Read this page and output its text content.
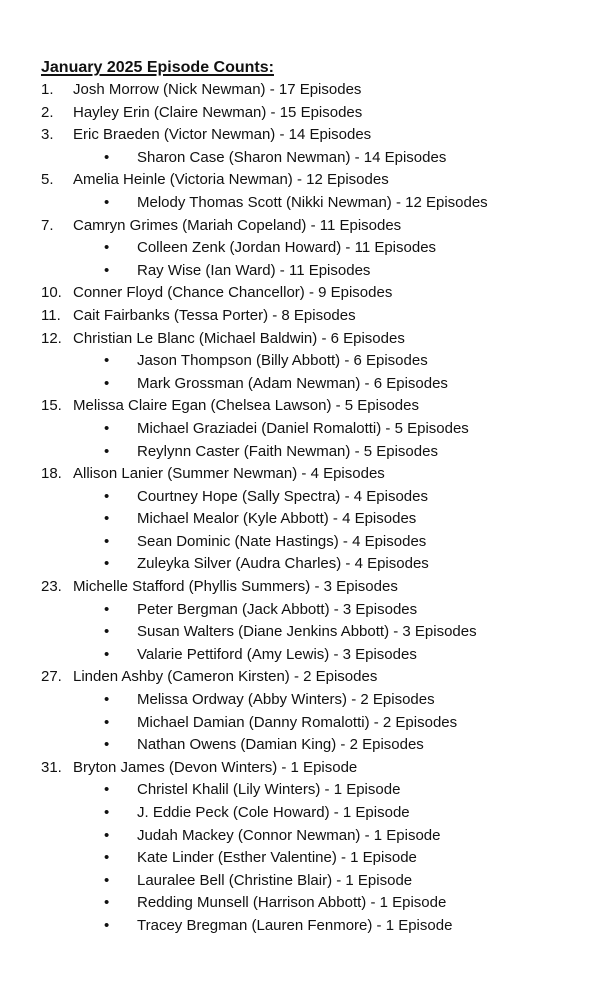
January 2025 Episode Counts:
1. Josh Morrow (Nick Newman) - 17 Episodes
2. Hayley Erin (Claire Newman) - 15 Episodes
3. Eric Braeden (Victor Newman) - 14 Episodes
• Sharon Case (Sharon Newman) - 14 Episodes
5. Amelia Heinle (Victoria Newman) - 12 Episodes
• Melody Thomas Scott (Nikki Newman) - 12 Episodes
7. Camryn Grimes (Mariah Copeland) - 11 Episodes
• Colleen Zenk (Jordan Howard) - 11 Episodes
• Ray Wise (Ian Ward) - 11 Episodes
10. Conner Floyd (Chance Chancellor) - 9 Episodes
11. Cait Fairbanks (Tessa Porter) - 8 Episodes
12. Christian Le Blanc (Michael Baldwin) - 6 Episodes
• Jason Thompson (Billy Abbott) - 6 Episodes
• Mark Grossman (Adam Newman) - 6 Episodes
15. Melissa Claire Egan (Chelsea Lawson) - 5 Episodes
• Michael Graziadei (Daniel Romalotti) - 5 Episodes
• Reylynn Caster (Faith Newman) - 5 Episodes
18. Allison Lanier (Summer Newman) - 4 Episodes
• Courtney Hope (Sally Spectra) - 4 Episodes
• Michael Mealor (Kyle Abbott) - 4 Episodes
• Sean Dominic (Nate Hastings) - 4 Episodes
• Zuleyka Silver (Audra Charles) - 4 Episodes
23. Michelle Stafford (Phyllis Summers) - 3 Episodes
• Peter Bergman (Jack Abbott) - 3 Episodes
• Susan Walters (Diane Jenkins Abbott) - 3 Episodes
• Valarie Pettiford (Amy Lewis) - 3 Episodes
27. Linden Ashby (Cameron Kirsten) - 2 Episodes
• Melissa Ordway (Abby Winters) - 2 Episodes
• Michael Damian (Danny Romalotti) - 2 Episodes
• Nathan Owens (Damian King) - 2 Episodes
31. Bryton James (Devon Winters) - 1 Episode
• Christel Khalil (Lily Winters) - 1 Episode
• J. Eddie Peck (Cole Howard) - 1 Episode
• Judah Mackey (Connor Newman) - 1 Episode
• Kate Linder (Esther Valentine) - 1 Episode
• Lauralee Bell (Christine Blair) - 1 Episode
• Redding Munsell (Harrison Abbott) - 1 Episode
• Tracey Bregman (Lauren Fenmore) - 1 Episode
